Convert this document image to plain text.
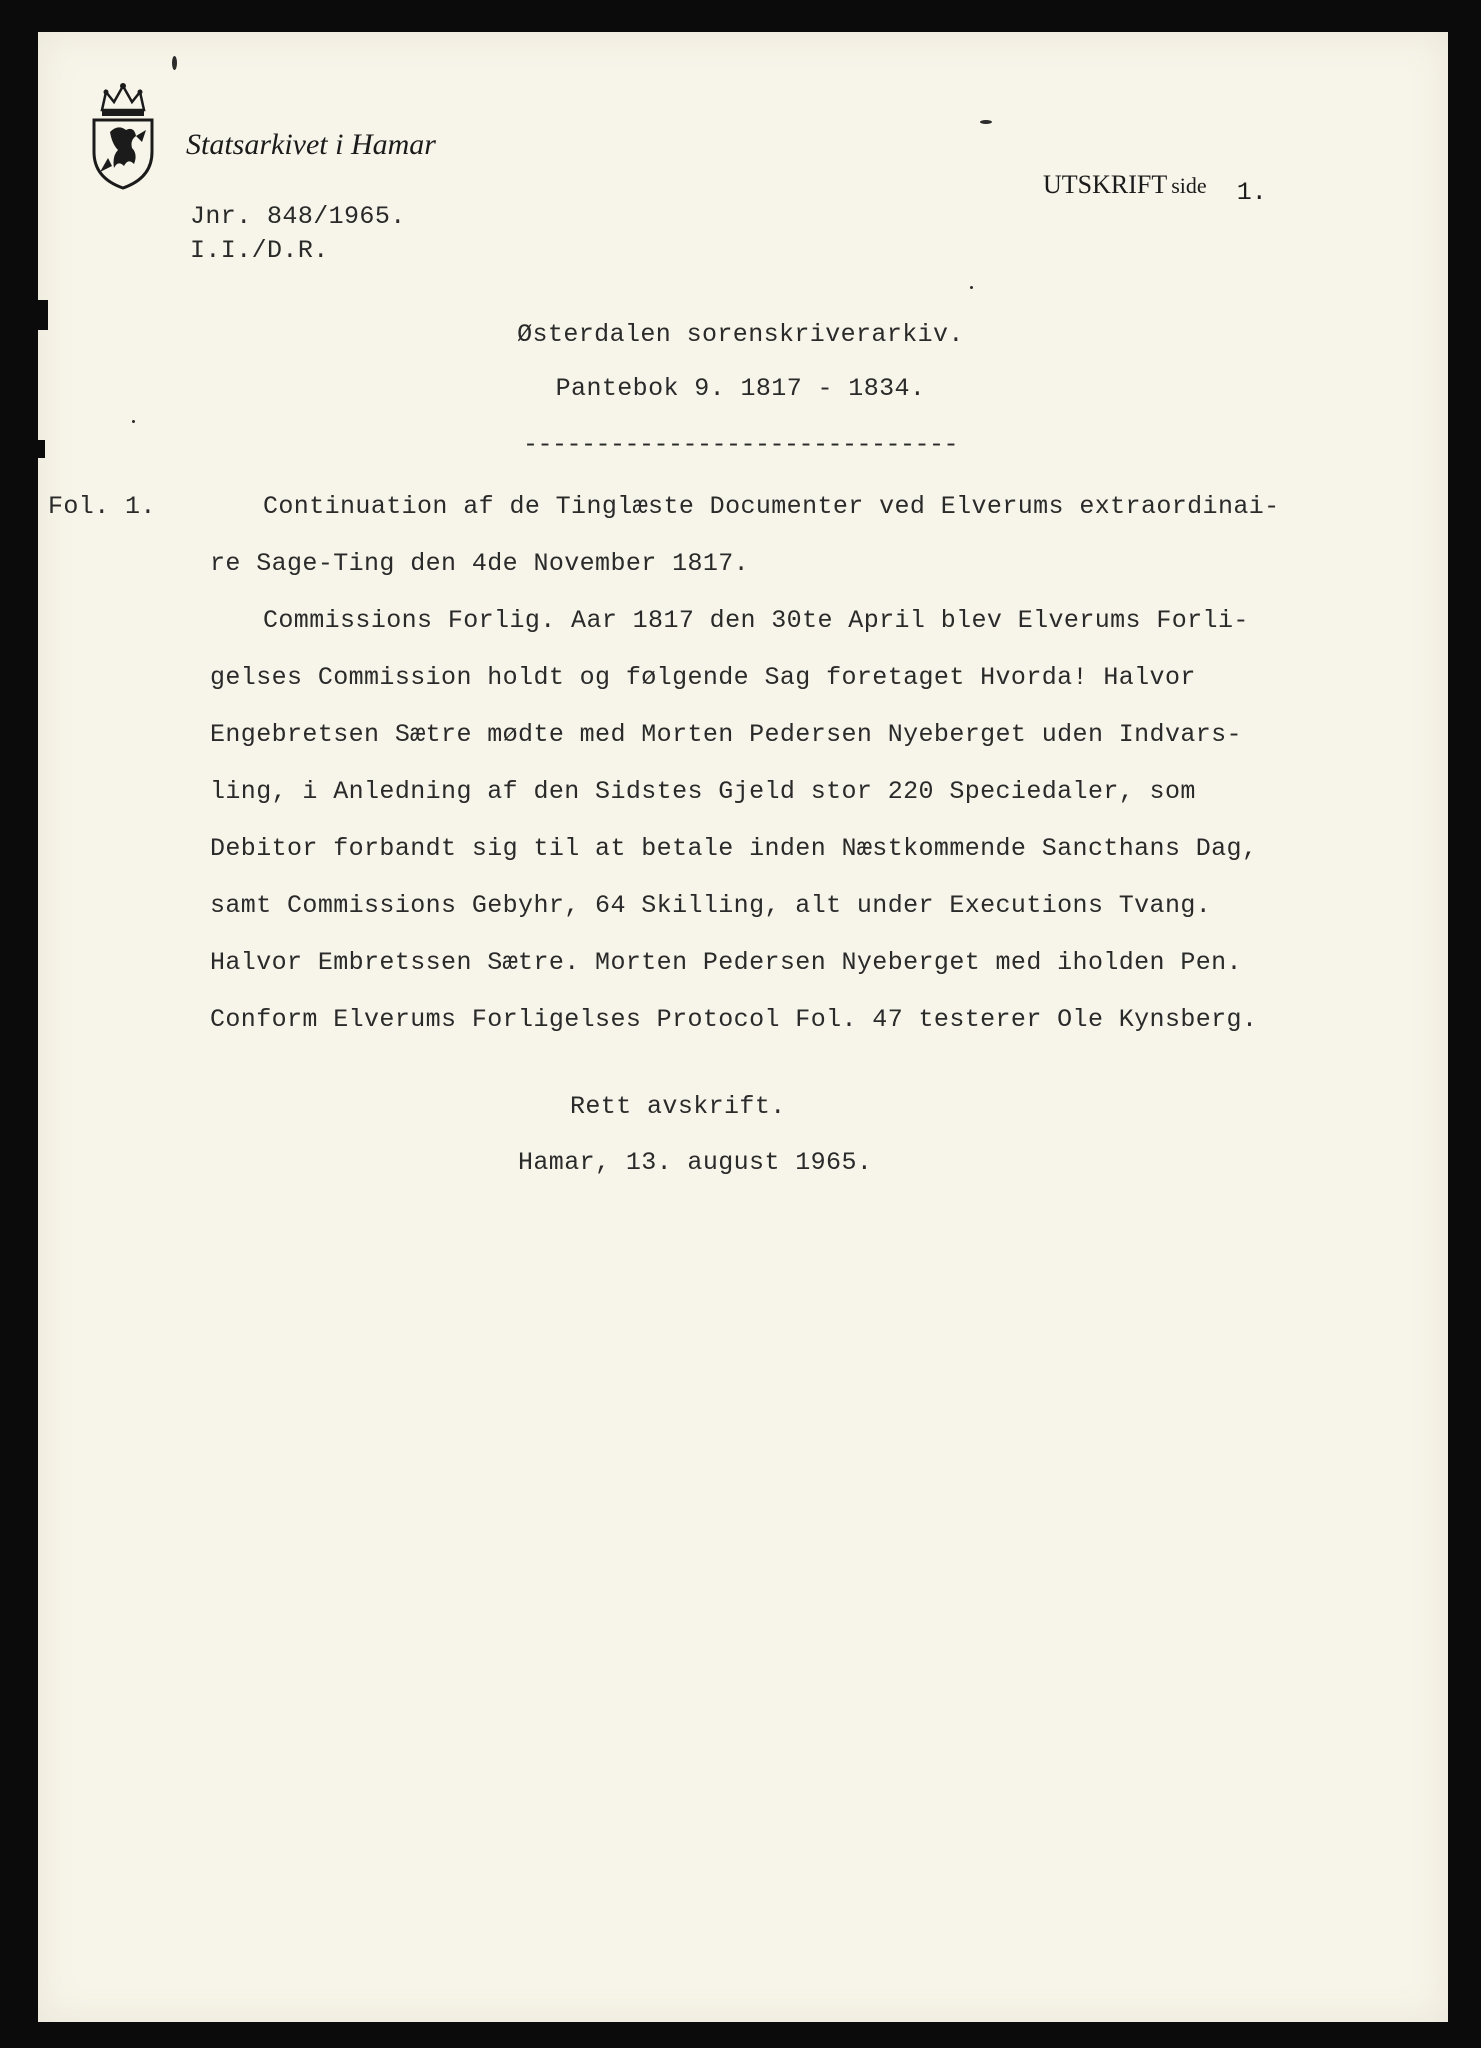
Statsarkivet i Hamar
Jnr. 848/1965.
I.I./D.R.
UTSKRIFT side 1.
Østerdalen sorenskriverarkiv.
Pantebok 9. 1817 - 1834.
------------------------------
Fol. 1.	Continuation af de Tinglæste Documenter ved Elverums extraordinai-
re Sage-Ting den 4de November 1817.
Commissions Forlig. Aar 1817 den 30te April blev Elverums Forli-
gelses Commission holdt og følgende Sag foretaget Hvorda! Halvor
Engebretsen Sætre mødte med Morten Pedersen Nyeberget uden Indvars-
ling, i Anledning af den Sidstes Gjeld stor 220 Speciedaler, som
Debitor forbandt sig til at betale inden Næstkommende Sancthans Dag,
samt Commissions Gebyhr, 64 Skilling, alt under Executions Tvang.
Halvor Embretssen Sætre. Morten Pedersen Nyeberget med iholden Pen.
Conform Elverums Forligelses Protocol Fol. 47 testerer Ole Kynsberg.
Rett avskrift.
Hamar, 13. august 1965.
